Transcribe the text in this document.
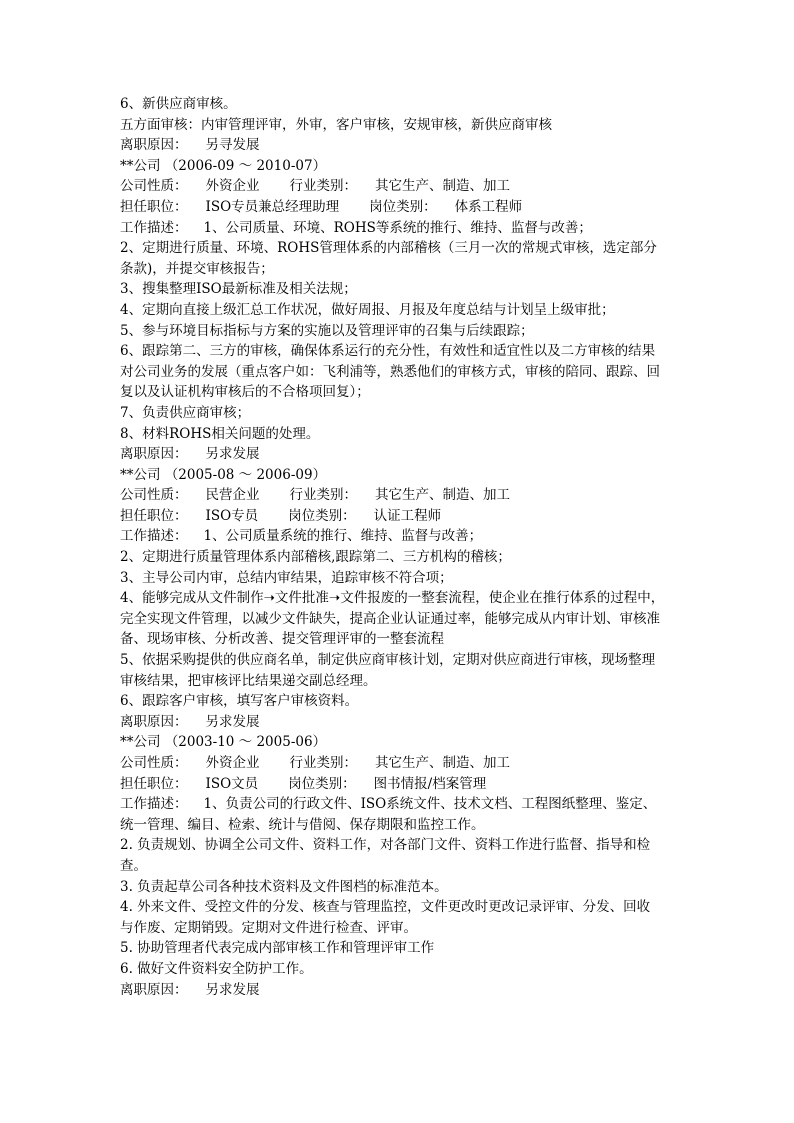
6、新供应商审核。
五方面审核：内审管理评审，外审，客户审核，安规审核，新供应商审核
离职原因： 另寻发展
**公司 （2006-09 ～ 2010-07）
公司性质： 外资企业 行业类别： 其它生产、制造、加工
担任职位： ISO专员兼总经理助理 岗位类别： 体系工程师
工作描述： 1、公司质量、环境、ROHS等系统的推行、维持、监督与改善；
2、定期进行质量、环境、ROHS管理体系的内部稽核（三月一次的常规式审核，选定部分
条款)，并提交审核报告；
3、搜集整理ISO最新标准及相关法规；
4、定期向直接上级汇总工作状况，做好周报、月报及年度总结与计划呈上级审批；
5、参与环境目标指标与方案的实施以及管理评审的召集与后续跟踪；
6、跟踪第二、三方的审核，确保体系运行的充分性，有效性和适宜性以及二方审核的结果
对公司业务的发展（重点客户如：飞利浦等，熟悉他们的审核方式，审核的陪同、跟踪、回
复以及认证机构审核后的不合格项回复）；
7、负责供应商审核；
8、材料ROHS相关问题的处理。
离职原因： 另求发展
**公司 （2005-08 ～ 2006-09）
公司性质： 民营企业 行业类别： 其它生产、制造、加工
担任职位： ISO专员 岗位类别： 认证工程师
工作描述： 1、公司质量系统的推行、维持、监督与改善；
2、定期进行质量管理体系内部稽核,跟踪第二、三方机构的稽核；
3、主导公司内审，总结内审结果，追踪审核不符合项；
4、能够完成从文件制作➝文件批准➝文件报废的一整套流程，使企业在推行体系的过程中，
完全实现文件管理，以减少文件缺失，提高企业认证通过率，能够完成从内审计划、审核准
备、现场审核、分析改善、提交管理评审的一整套流程
5、依据采购提供的供应商名单，制定供应商审核计划，定期对供应商进行审核，现场整理
审核结果，把审核评比结果递交副总经理。
6、跟踪客户审核，填写客户审核资料。
离职原因： 另求发展
**公司 （2003-10 ～ 2005-06）
公司性质： 外资企业 行业类别： 其它生产、制造、加工
担任职位： ISO文员 岗位类别： 图书情报/档案管理
工作描述： 1、负责公司的行政文件、ISO系统文件、技术文档、工程图纸整理、鉴定、
统一管理、编目、检索、统计与借阅、保存期限和监控工作。
2. 负责规划、协调全公司文件、资料工作，对各部门文件、资料工作进行监督、指导和检
查。
3. 负责起草公司各种技术资料及文件图档的标准范本。
4. 外来文件、受控文件的分发、核查与管理监控，文件更改时更改记录评审、分发、回收
与作废、定期销毁。定期对文件进行检查、评审。
5. 协助管理者代表完成内部审核工作和管理评审工作
6. 做好文件资料安全防护工作。
离职原因： 另求发展
